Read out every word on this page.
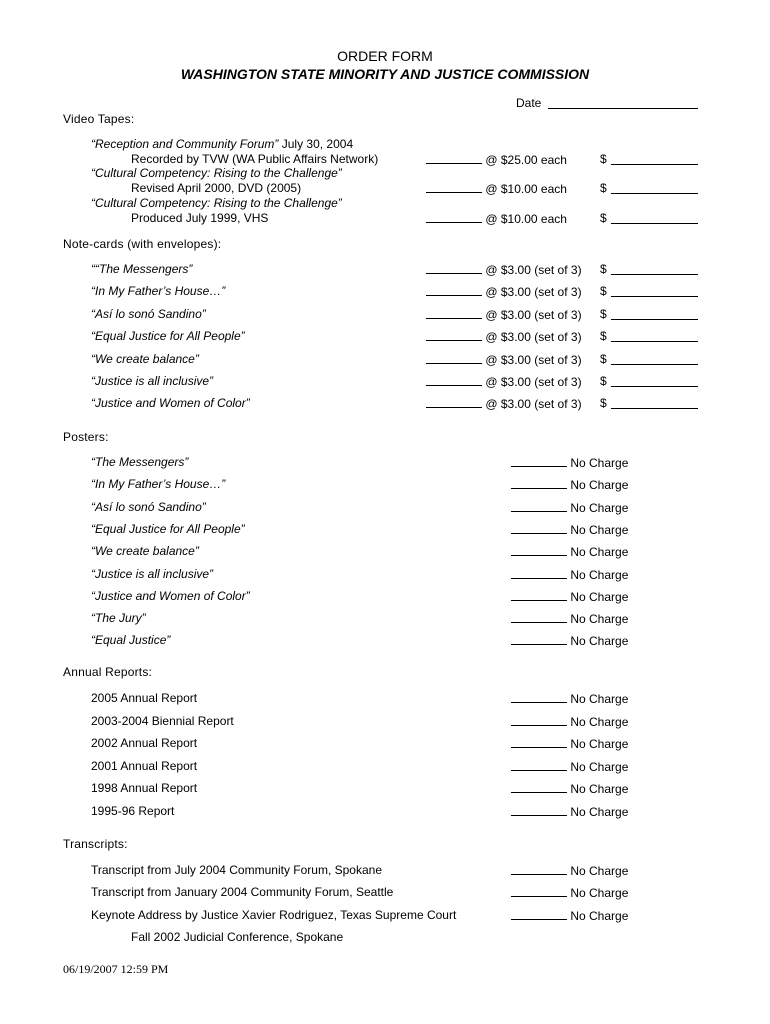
ORDER FORM
WASHINGTON STATE MINORITY AND JUSTICE COMMISSION
Date
Video Tapes:
“Reception and Community Forum” July 30, 2004
Recorded by TVW (WA Public Affairs Network)	@ $25.00 each	$
“Cultural Competency: Rising to the Challenge”
Revised April 2000, DVD (2005)	@ $10.00 each	$
“Cultural Competency: Rising to the Challenge”
Produced July 1999, VHS	@ $10.00 each	$
Note-cards (with envelopes):
““The Messengers”	@ $3.00 (set of 3) $
“In My Father’s House…”	@ $3.00 (set of 3) $
“Así lo sonó Sandino”	@ $3.00 (set of 3) $
“Equal Justice for All People”	@ $3.00 (set of 3) $
“We create balance”	@ $3.00 (set of 3) $
“Justice is all inclusive”	@ $3.00 (set of 3) $
“Justice and Women of Color”	@ $3.00 (set of 3) $
Posters:
“The Messengers”	No Charge
“In My Father’s House…”	No Charge
“Así lo sonó Sandino”	No Charge
“Equal Justice for All People”	No Charge
“We create balance”	No Charge
“Justice is all inclusive”	No Charge
“Justice and Women of Color”	No Charge
“The Jury”	No Charge
“Equal Justice”	No Charge
Annual Reports:
2005 Annual Report	No Charge
2003-2004 Biennial Report	No Charge
2002 Annual Report	No Charge
2001 Annual Report	No Charge
1998 Annual Report	No Charge
1995-96 Report	No Charge
Transcripts:
Transcript from July 2004 Community Forum, Spokane	No Charge
Transcript from January 2004 Community Forum, Seattle	No Charge
Keynote Address by Justice Xavier Rodriguez, Texas Supreme Court	No Charge
Fall 2002 Judicial Conference, Spokane
06/19/2007 12:59 PM
